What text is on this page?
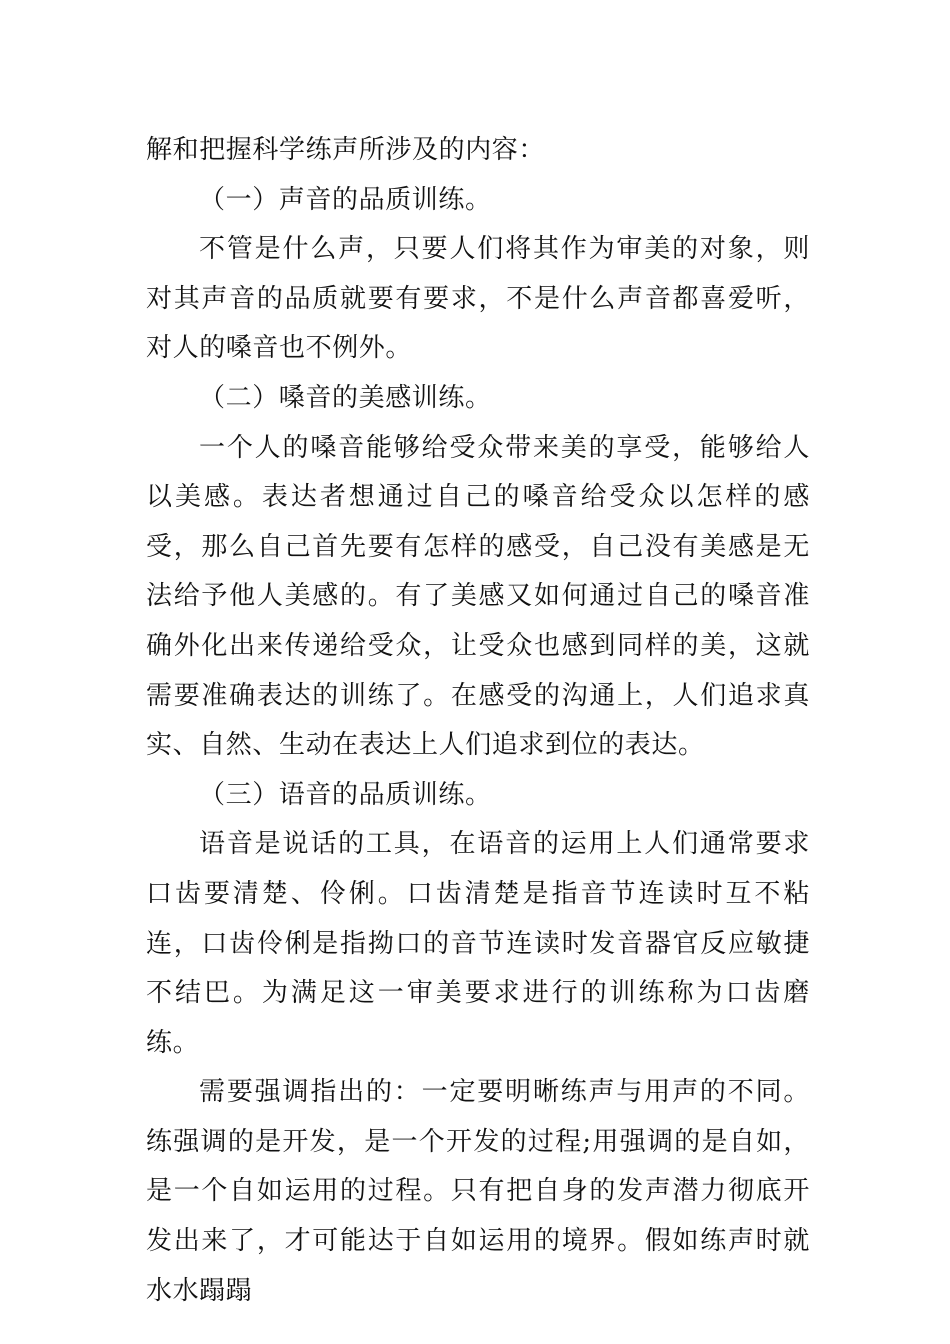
解和把握科学练声所涉及的内容：

（一）声音的品质训练。

不管是什么声，只要人们将其作为审美的对象，则对其声音的品质就要有要求，不是什么声音都喜爱听，对人的嗓音也不例外。

（二）嗓音的美感训练。

一个人的嗓音能够给受众带来美的享受，能够给人以美感。表达者想通过自己的嗓音给受众以怎样的感受，那么自己首先要有怎样的感受，自己没有美感是无法给予他人美感的。有了美感又如何通过自己的嗓音准确外化出来传递给受众，让受众也感到同样的美，这就需要准确表达的训练了。在感受的沟通上，人们追求真实、自然、生动在表达上人们追求到位的表达。

（三）语音的品质训练。

语音是说话的工具，在语音的运用上人们通常要求口齿要清楚、伶俐。口齿清楚是指音节连读时互不粘连，口齿伶俐是指拗口的音节连读时发音器官反应敏捷不结巴。为满足这一审美要求进行的训练称为口齿磨练。

需要强调指出的：一定要明晰练声与用声的不同。练强调的是开发，是一个开发的过程;用强调的是自如，是一个自如运用的过程。只有把自身的发声潜力彻底开发出来了，才可能达于自如运用的境界。假如练声时就水水蹋蹋
